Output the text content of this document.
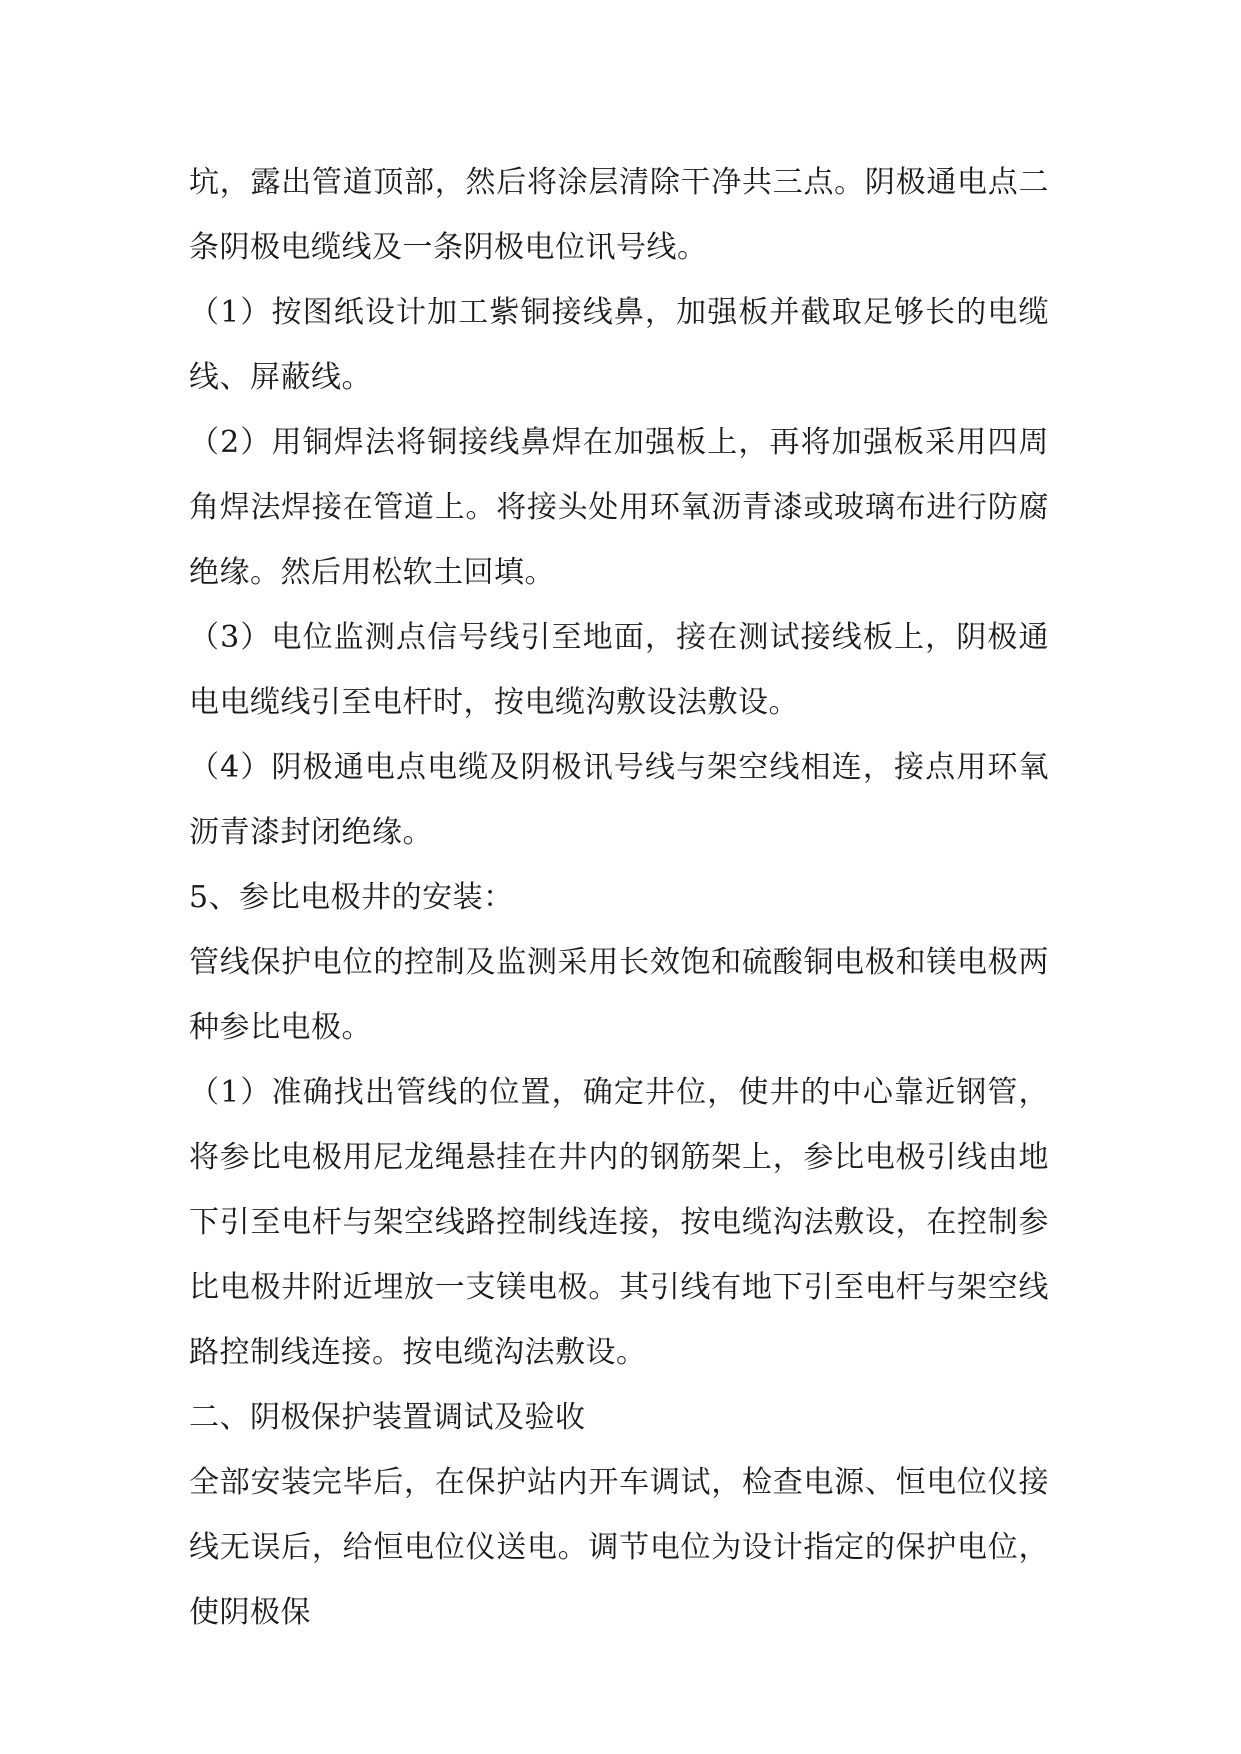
坑，露出管道顶部，然后将涂层清除干净共三点。阴极通电点二条阴极电缆线及一条阴极电位讯号线。

（1）按图纸设计加工紫铜接线鼻，加强板并截取足够长的电缆线、屏蔽线。

（2）用铜焊法将铜接线鼻焊在加强板上，再将加强板采用四周角焊法焊接在管道上。将接头处用环氧沥青漆或玻璃布进行防腐绝缘。然后用松软土回填。

（3）电位监测点信号线引至地面，接在测试接线板上，阴极通电电缆线引至电杆时，按电缆沟敷设法敷设。

（4）阴极通电点电缆及阴极讯号线与架空线相连，接点用环氧沥青漆封闭绝缘。

5、参比电极井的安装：

管线保护电位的控制及监测采用长效饱和硫酸铜电极和镁电极两种参比电极。

（1）准确找出管线的位置，确定井位，使井的中心靠近钢管，将参比电极用尼龙绳悬挂在井内的钢筋架上，参比电极引线由地下引至电杆与架空线路控制线连接，按电缆沟法敷设，在控制参比电极井附近埋放一支镁电极。其引线有地下引至电杆与架空线路控制线连接。按电缆沟法敷设。

二、阴极保护装置调试及验收

全部安装完毕后，在保护站内开车调试，检查电源、恒电位仪接线无误后，给恒电位仪送电。调节电位为设计指定的保护电位，使阴极保
